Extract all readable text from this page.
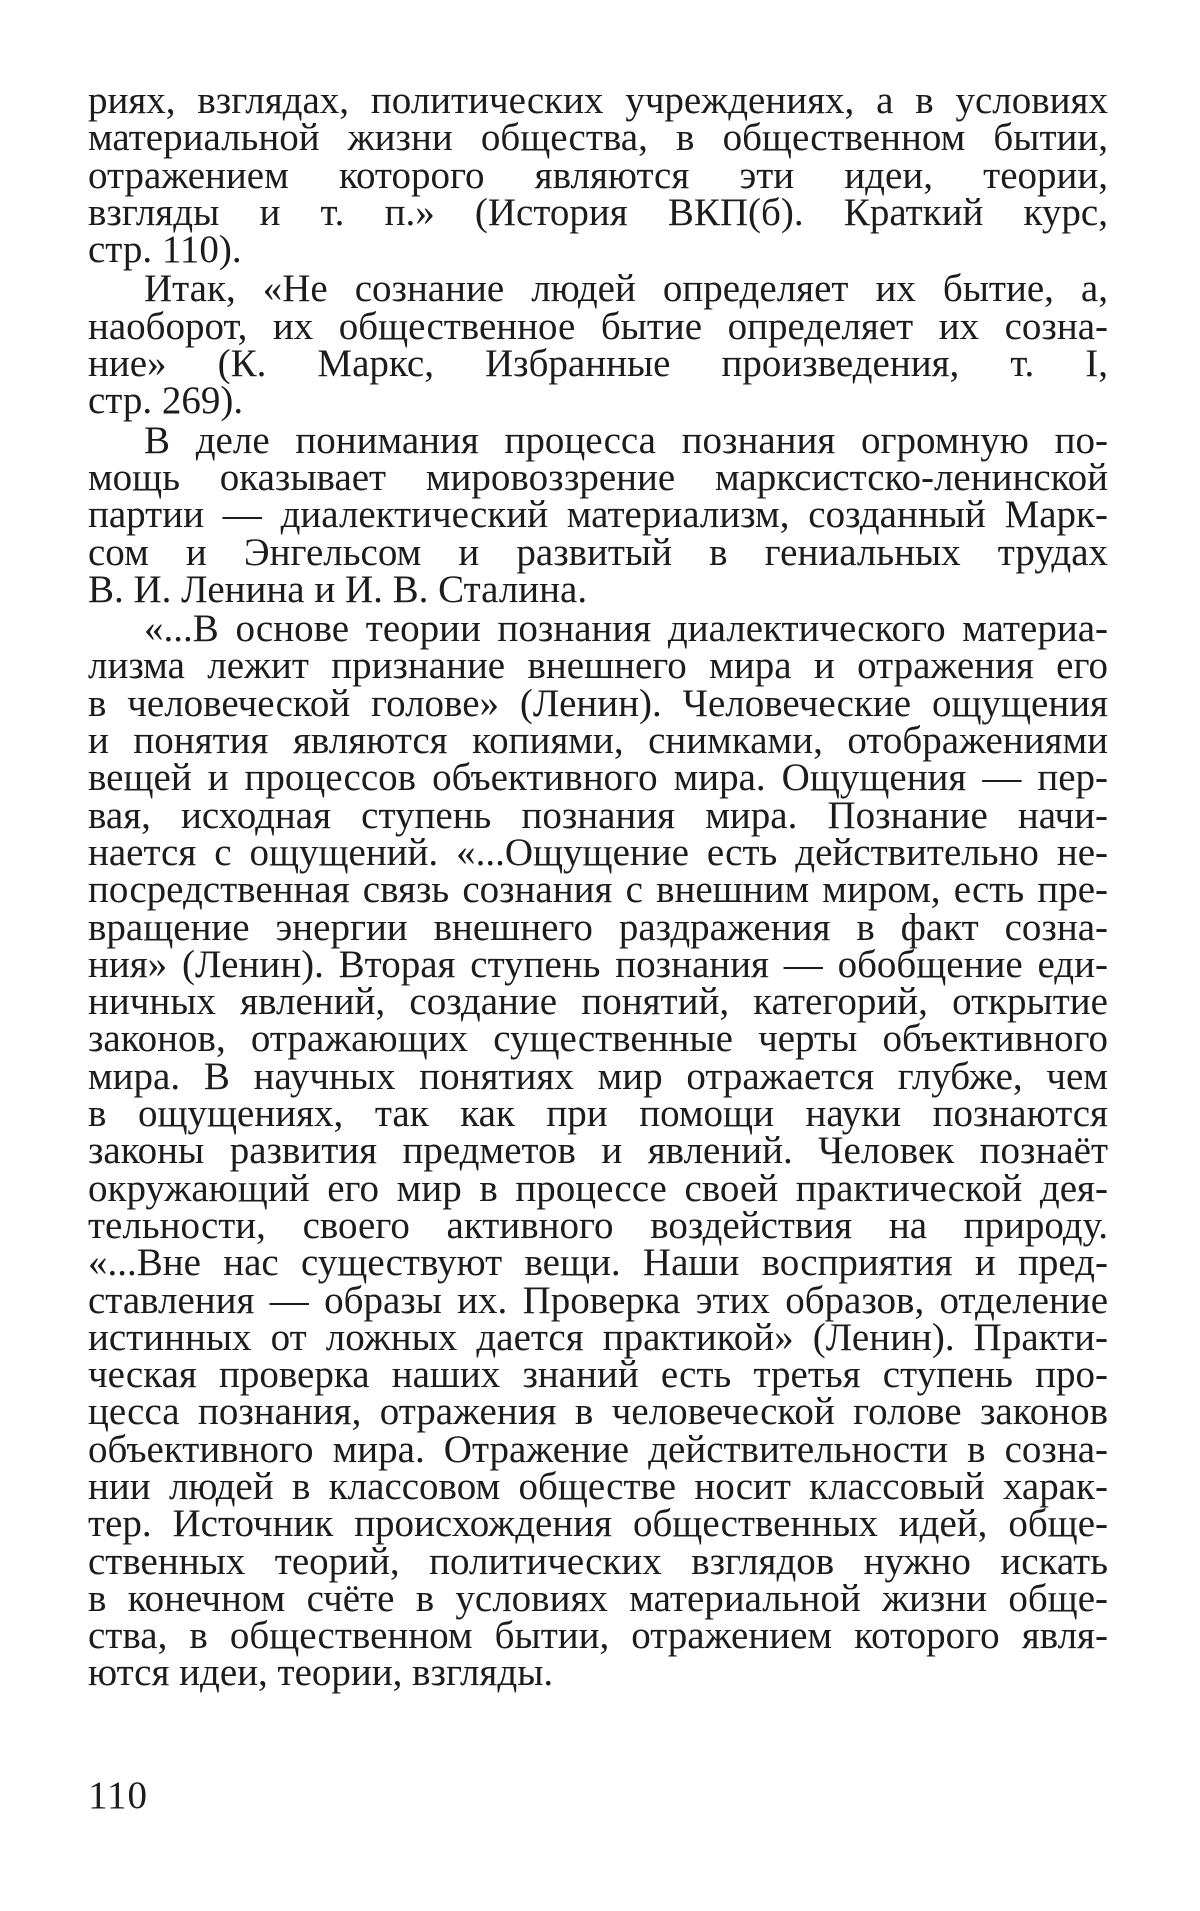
риях, взглядах, политических учреждениях, а в условиях
материальной жизни общества, в общественном бытии,
отражением которого являются эти идеи, теории,
взгляды и т. п.» (История ВКП(б). Краткий курс,
стр. 110).
Итак, «Не сознание людей определяет их бытие, а,
наоборот, их общественное бытие определяет их созна-
ние» (К. Маркс, Избранные произведения, т. I,
стр. 269).
В деле понимания процесса познания огромную по-
мощь оказывает мировоззрение марксистско-ленинской
партии — диалектический материализм, созданный Марк-
сом и Энгельсом и развитый в гениальных трудах
В. И. Ленина и И. В. Сталина.
«...В основе теории познания диалектического материа-
лизма лежит признание внешнего мира и отражения его
в человеческой голове» (Ленин). Человеческие ощущения
и понятия являются копиями, снимками, отображениями
вещей и процессов объективного мира. Ощущения — пер-
вая, исходная ступень познания мира. Познание начи-
нается с ощущений. «...Ощущение есть действительно не-
посредственная связь сознания с внешним миром, есть пре-
вращение энергии внешнего раздражения в факт созна-
ния» (Ленин). Вторая ступень познания — обобщение еди-
ничных явлений, создание понятий, категорий, открытие
законов, отражающих существенные черты объективного
мира. В научных понятиях мир отражается глубже, чем
в ощущениях, так как при помощи науки познаются
законы развития предметов и явлений. Человек познаёт
окружающий его мир в процессе своей практической дея-
тельности, своего активного воздействия на природу.
«...Вне нас существуют вещи. Наши восприятия и пред-
ставления — образы их. Проверка этих образов, отделение
истинных от ложных дается практикой» (Ленин). Практи-
ческая проверка наших знаний есть третья ступень про-
цесса познания, отражения в человеческой голове законов
объективного мира. Отражение действительности в созна-
нии людей в классовом обществе носит классовый харак-
тер. Источник происхождения общественных идей, обще-
ственных теорий, политических взглядов нужно искать
в конечном счёте в условиях материальной жизни обще-
ства, в общественном бытии, отражением которого явля-
ются идеи, теории, взгляды.
110
